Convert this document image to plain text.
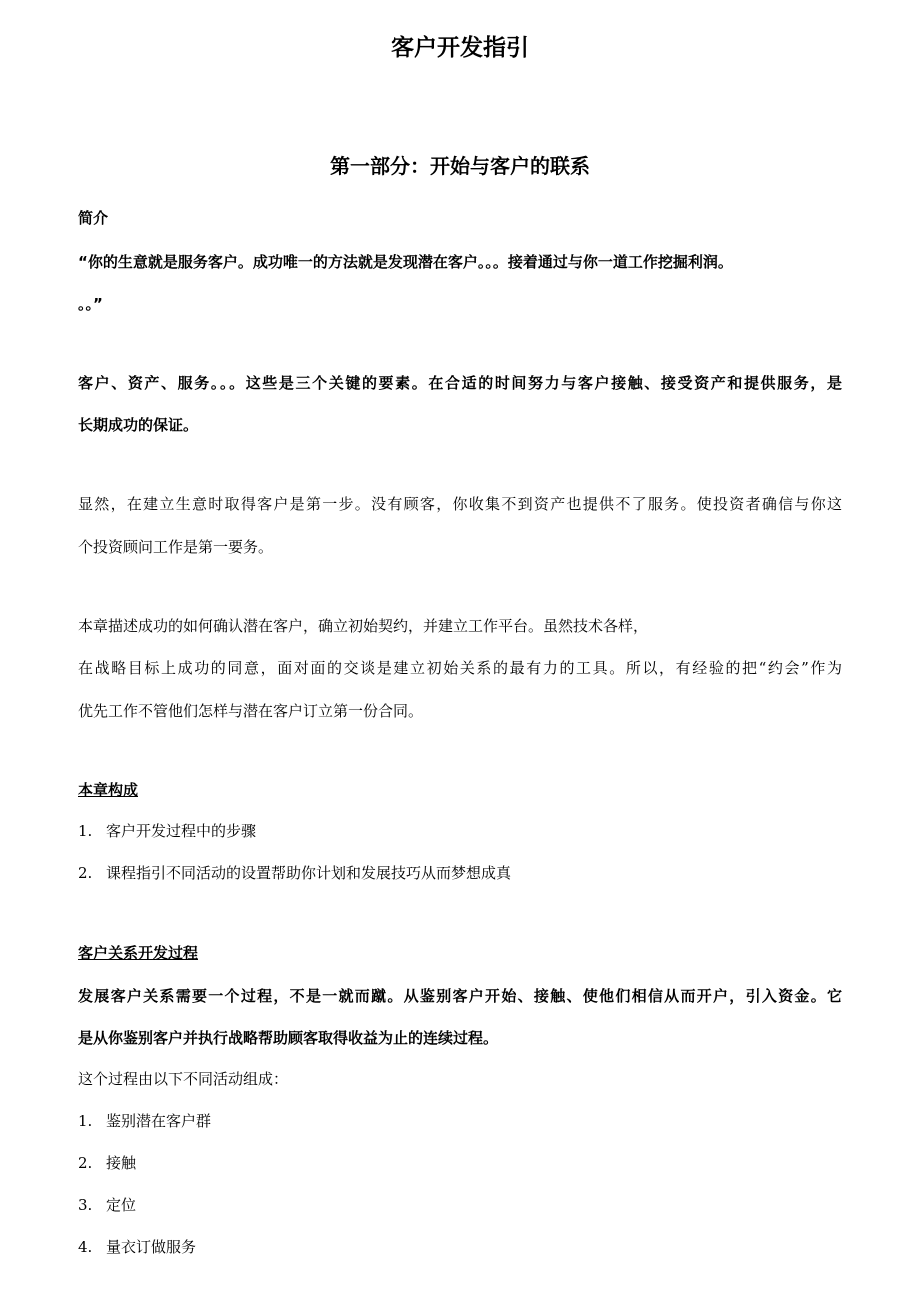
客户开发指引
第一部分：开始与客户的联系
简介
“你的生意就是服务客户。成功唯一的方法就是发现潜在客户。。。接着通过与你一道工作挖掘利润。
。。”
客户、资产、服务。。。这些是三个关键的要素。在合适的时间努力与客户接触、接受资产和提供服务，是
长期成功的保证。
显然，在建立生意时取得客户是第一步。没有顾客，你收集不到资产也提供不了服务。使投资者确信与你这
个投资顾问工作是第一要务。
本章描述成功的如何确认潜在客户，确立初始契约，并建立工作平台。虽然技术各样，
在战略目标上成功的同意，面对面的交谈是建立初始关系的最有力的工具。所以，有经验的把“约会”作为
优先工作不管他们怎样与潜在客户订立第一份合同。
本章构成
1. 客户开发过程中的步骤
2. 课程指引不同活动的设置帮助你计划和发展技巧从而梦想成真
客户关系开发过程
发展客户关系需要一个过程，不是一就而蹴。从鉴别客户开始、接触、使他们相信从而开户，引入资金。它
是从你鉴别客户并执行战略帮助顾客取得收益为止的连续过程。
这个过程由以下不同活动组成：
1. 鉴别潜在客户群
2. 接触
3. 定位
4. 量衣订做服务
